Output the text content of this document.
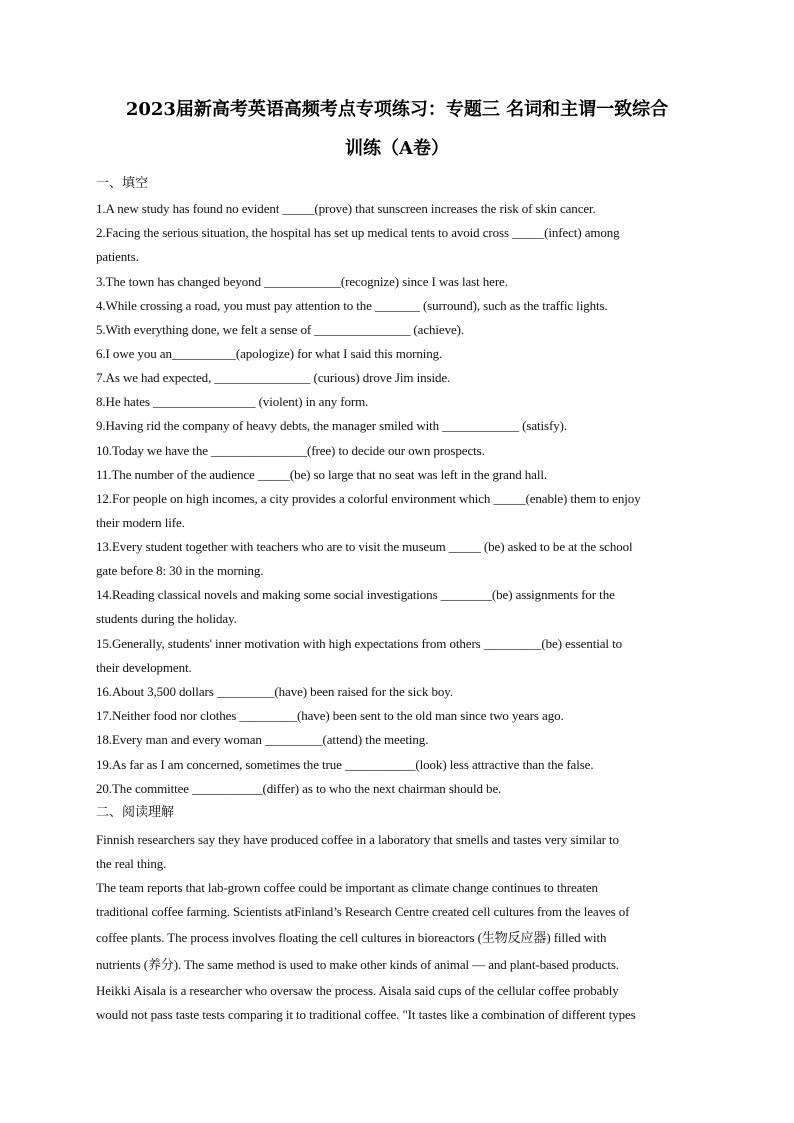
2023届新高考英语高频考点专项练习：专题三 名词和主谓一致综合
训练（A卷）
一、填空
1.A new study has found no evident _____(prove) that sunscreen increases the risk of skin cancer.
2.Facing the serious situation, the hospital has set up medical tents to avoid cross _____(infect) among
patients.
3.The town has changed beyond ____________(recognize) since I was last here.
4.While crossing a road, you must pay attention to the _______ (surround), such as the traffic lights.
5.With everything done, we felt a sense of _______________ (achieve).
6.I owe you an__________(apologize) for what I said this morning.
7.As we had expected, _______________ (curious) drove Jim inside.
8.He hates ________________ (violent) in any form.
9.Having rid the company of heavy debts, the manager smiled with ____________ (satisfy).
10.Today we have the _______________(free) to decide our own prospects.
11.The number of the audience _____(be) so large that no seat was left in the grand hall.
12.For people on high incomes, a city provides a colorful environment which _____(enable) them to enjoy
their modern life.
13.Every student together with teachers who are to visit the museum _____ (be) asked to be at the school
gate before 8: 30 in the morning.
14.Reading classical novels and making some social investigations ________(be) assignments for the
students during the holiday.
15.Generally, students' inner motivation with high expectations from others _________(be) essential to
their development.
16.About 3,500 dollars _________(have) been raised for the sick boy.
17.Neither food nor clothes _________(have) been sent to the old man since two years ago.
18.Every man and every woman _________(attend) the meeting.
19.As far as I am concerned, sometimes the true ___________(look) less attractive than the false.
20.The committee ___________(differ) as to who the next chairman should be.
二、阅读理解
Finnish researchers say they have produced coffee in a laboratory that smells and tastes very similar to
the real thing.
The team reports that lab-grown coffee could be important as climate change continues to threaten
traditional coffee farming. Scientists atFinland’s Research Centre created cell cultures from the leaves of
coffee plants. The process involves floating the cell cultures in bioreactors (生物反应器) filled with
nutrients (养分). The same method is used to make other kinds of animal — and plant-based products.
Heikki Aisala is a researcher who oversaw the process. Aisala said cups of the cellular coffee probably
would not pass taste tests comparing it to traditional coffee. "It tastes like a combination of different types
